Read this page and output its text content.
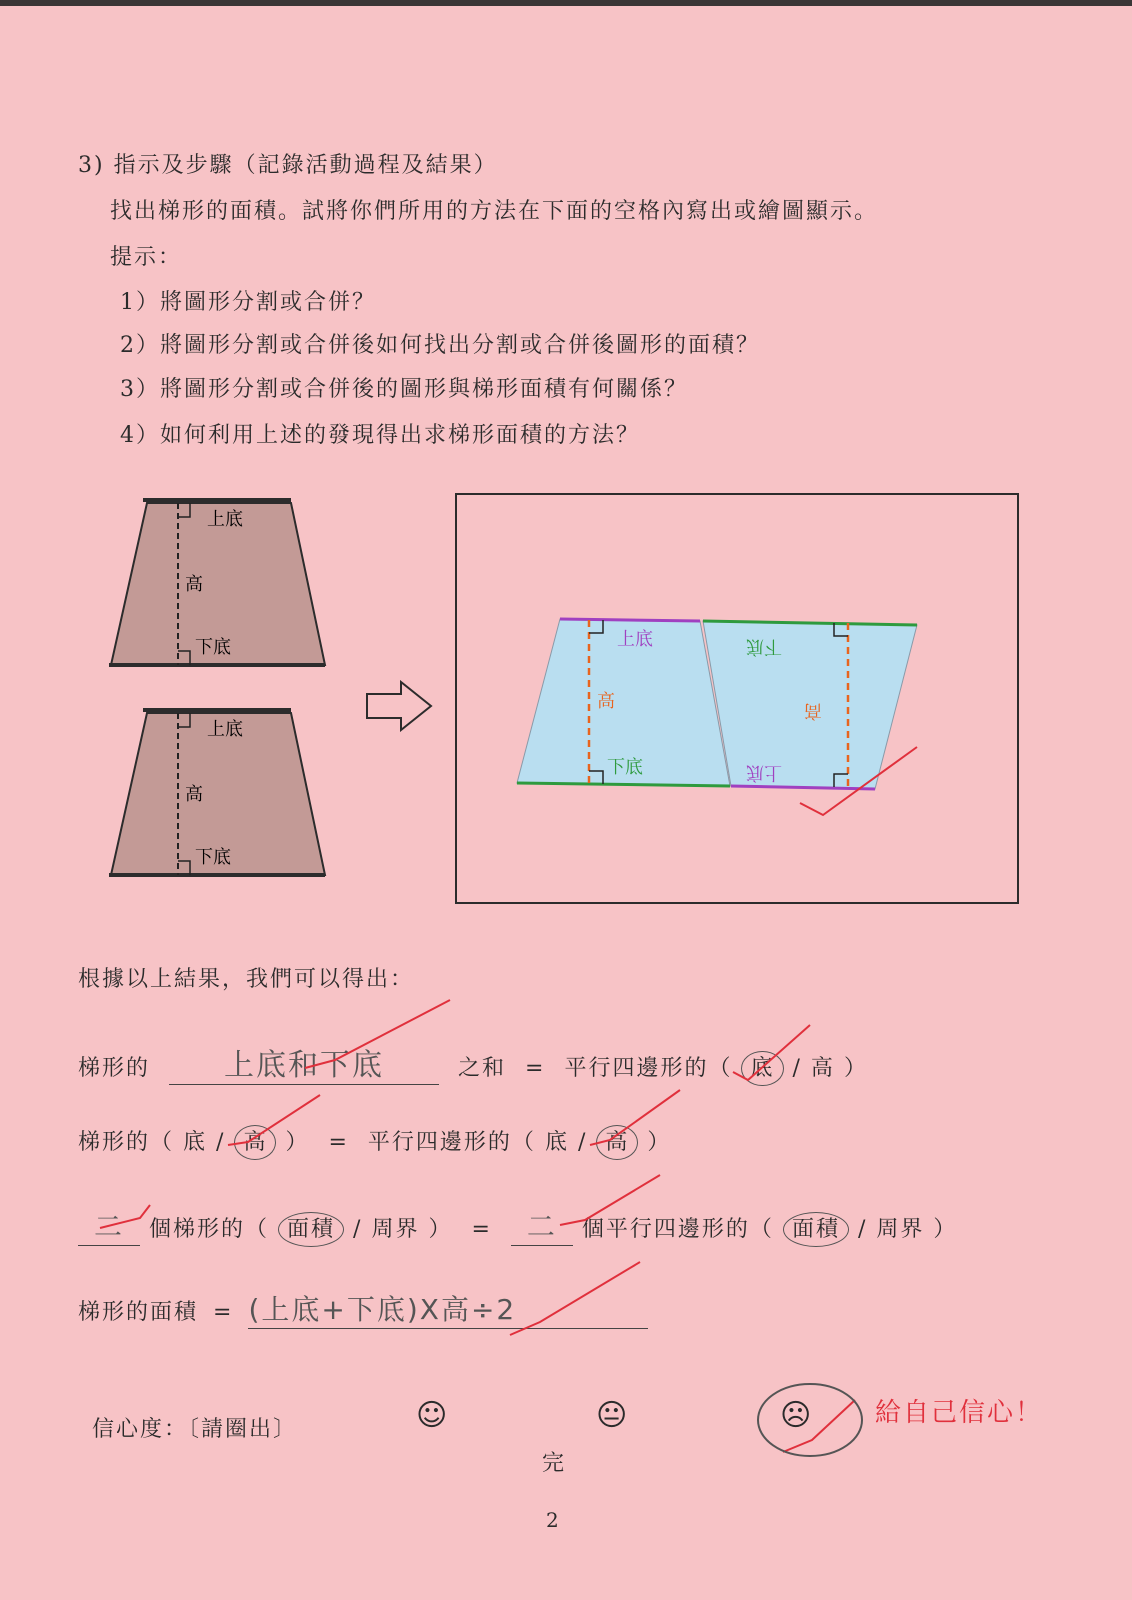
3) 指示及步驟（記錄活動過程及結果）
找出梯形的面積。試將你們所用的方法在下面的空格內寫出或繪圖顯示。
提示：
1）將圖形分割或合併？
2）將圖形分割或合併後如何找出分割或合併後圖形的面積？
3）將圖形分割或合併後的圖形與梯形面積有何關係？
4）如何利用上述的發現得出求梯形面積的方法？
上底
高
下底
上底
高
下底
上底
高
下底
下底
高
上底
根據以上結果，我們可以得出：
梯形的 上底和下底	之和 = 平行四邊形的（ 底 / 高 ）
梯形的（ 底 / 高 ） = 平行四邊形的（ 底 / 高 ）
二 個梯形的（ 面積 / 周界 ） = 二 個平行四邊形的（ 面積 / 周界 ）
梯形的面積 = (上底+下底)X高÷2
信心度：〔請圈出〕	☺	😐	☹ 給自己信心！
完
2
